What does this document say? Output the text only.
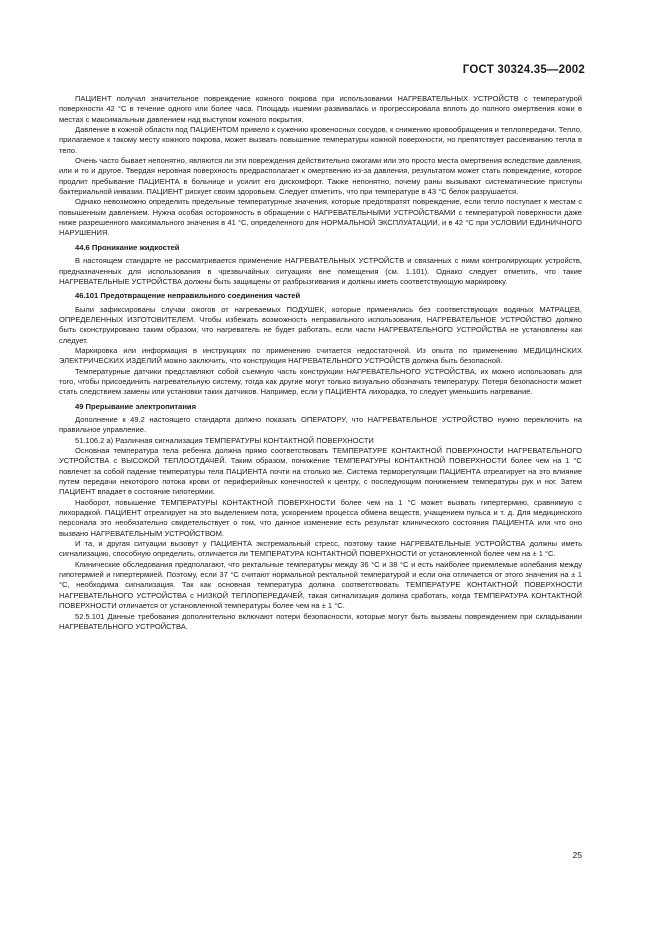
ГОСТ 30324.35—2002

ПАЦИЕНТ получал значительное повреждение кожного покрова при использовании НАГРЕВАТЕЛЬНЫХ УСТРОЙСТВ с температурой поверхности 42 °С в течение одного или более часа. Площадь ишемии развивалась и прогрессировала вплоть до полного омертвения кожи в местах с максимальным давлением над выступом кожного покрытия.

Давление в кожной области под ПАЦИЕНТОМ привело к сужению кровеносных сосудов, к снижению кровообращения и теплопередачи. Тепло, прилагаемое к такому месту кожного покрова, может вызвать повышение температуры кожной поверхности, но препятствует рассеиванию тепла в тело.

Очень часто бывает непонятно, являются ли эти повреждения действительно ожогами или это просто места омертвения вследствие давления, или и то и другое. Твердая неровная поверхность предрасполагает к омертвению из-за давления, результатом может стать повреждение, которое продлит пребывание ПАЦИЕНТА в больнице и усилит его дискомфорт. Также непонятно, почему раны вызывают систематические приступы бактериальной инвазии. ПАЦИЕНТ рискует своим здоровьем. Следует отметить, что при температуре в 43 °С белок разрушается.

Однако невозможно определить предельные температурные значения, которые предотвратят повреждение, если тепло поступает к местам с повышенным давлением. Нужна особая осторожность в обращении с НАГРЕВАТЕЛЬНЫМИ УСТРОЙСТВАМИ с температурой поверхности даже ниже разрешенного максимального значения в 41 °С, определенного для НОРМАЛЬНОЙ ЭКСПЛУАТАЦИИ, и в 42 °С при УСЛОВИИ ЕДИНИЧНОГО НАРУШЕНИЯ.

44.6 Проникание жидкостей

В настоящем стандарте не рассматривается применение НАГРЕВАТЕЛЬНЫХ УСТРОЙСТВ и связанных с ними контролирующих устройств, предназначенных для использования в чрезвычайных ситуациях вне помещения (см. 1.101). Однако следует отметить, что такие НАГРЕВАТЕЛЬНЫЕ УСТРОЙСТВА должны быть защищены от разбрызгивания и должны иметь соответствующую маркировку.

46.101 Предотвращение неправильного соединения частей

Были зафиксированы случаи ожогов от нагреваемых ПОДУШЕК, которые применялись без соответствующих водяных МАТРАЦЕВ, ОПРЕДЕЛЕННЫХ ИЗГОТОВИТЕЛЕМ. Чтобы избежать возможность неправильного использования, НАГРЕВАТЕЛЬНОЕ УСТРОЙСТВО должно быть сконструировано таким образом, что нагреватель не будет работать, если части НАГРЕВАТЕЛЬНОГО УСТРОЙСТВА не установлены как следует.

Маркировка или информация в инструкциях по применению считается недостаточной. Из опыта по применению МЕДИЦИНСКИХ ЭЛЕКТРИЧЕСКИХ ИЗДЕЛИЙ можно заключить, что конструкция НАГРЕВАТЕЛЬНОГО УСТРОЙСТВ должна быть безопасной.

Температурные датчики представляют собой съемную часть конструкции НАГРЕВАТЕЛЬНОГО УСТРОЙСТВА, их можно использовать для того, чтобы присоединить нагревательную систему, тогда как другие могут только визуально обозначать температуру. Потеря безопасности может стать следствием замены или установки таких датчиков. Например, если у ПАЦИЕНТА лихорадка, то следует уменьшить нагревание.

49 Прерывание электропитания

Дополнение к 49.2 настоящего стандарта должно показать ОПЕРАТОРУ, что НАГРЕВАТЕЛЬНОЕ УСТРОЙСТВО нужно переключить на правильное управление.

51.106.2 а) Различная сигнализация ТЕМПЕРАТУРЫ КОНТАКТНОЙ ПОВЕРХНОСТИ

Основная температура тела ребенка должна прямо соответствовать ТЕМПЕРАТУРЕ КОНТАКТНОЙ ПОВЕРХНОСТИ НАГРЕВАТЕЛЬНОГО УСТРОЙСТВА с ВЫСОКОЙ ТЕПЛООТДАЧЕЙ. Таким образом, понижение ТЕМПЕРАТУРЫ КОНТАКТНОЙ ПОВЕРХНОСТИ более чем на 1 °С повлечет за собой падение температуры тела ПАЦИЕНТА почти на столько же. Система терморегуляции ПАЦИЕНТА отреагирует на это влияние путем передачи некоторого потока крови от периферийных конечностей к центру, с последующим понижением температуры рук и ног. Затем ПАЦИЕНТ впадает в состояние гипотермии.

Наоборот, повышение ТЕМПЕРАТУРЫ КОНТАКТНОЙ ПОВЕРХНОСТИ более чем на 1 °С может вызвать гипертермию, сравнимую с лихорадкой. ПАЦИЕНТ отреагирует на это выделением пота, ускорением процесса обмена веществ, учащением пульса и т. д. Для медицинского персонала это необязательно свидетельствует о том, что данное изменение есть результат клинического состояния ПАЦИЕНТА или что оно вызвано НАГРЕВАТЕЛЬНЫМ УСТРОЙСТВОМ.

И та, и другая ситуации вызовут у ПАЦИЕНТА экстремальный стресс, поэтому такие НАГРЕВАТЕЛЬНЫЕ УСТРОЙСТВА должны иметь сигнализацию, способную определить, отличается ли ТЕМПЕРАТУРА КОНТАКТНОЙ ПОВЕРХНОСТИ от установленной более чем на ± 1 °С.

Клинические обследования предполагают, что ректальные температуры между 36 °С и 38 °С и есть наиболее приемлемые колебания между гипотермией и гипертермией. Поэтому, если 37 °С считают нормальной ректальной температурой и если она отличается от этого значения на ± 1 °С, необходима сигнализация. Так как основная температура должна соответствовать ТЕМПЕРАТУРЕ КОНТАКТНОЙ ПОВЕРХНОСТИ НАГРЕВАТЕЛЬНОГО УСТРОЙСТВА с НИЗКОЙ ТЕПЛОПЕРЕДАЧЕЙ, такая сигнализация должна сработать, когда ТЕМПЕРАТУРА КОНТАКТНОЙ ПОВЕРХНОСТИ отличается от установленной температуры более чем на ± 1 °С.

52.5.101 Данные требования дополнительно включают потери безопасности, которые могут быть вызваны повреждением при складывании НАГРЕВАТЕЛЬНОГО УСТРОЙСТВА.

25
